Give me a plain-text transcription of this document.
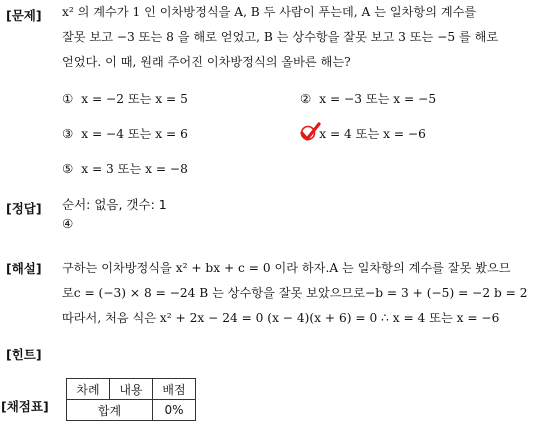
[문제]
[정답]
[해설]
[힌트]
[채점표]
x² 의 계수가 1 인 이차방정식을 A, B 두 사람이 푸는데, A 는 일차항의 계수를
잘못 보고 −3 또는 8 을 해로 얻었고, B 는 상수항을 잘못 보고 3 또는 −5 를 해로
얻었다. 이 때, 원래 주어진 이차방정식의 올바른 해는?
① x = −2 또는 x = 5	② x = −3 또는 x = −5
③ x = −4 또는 x = 6	x = 4 또는 x = −6
⑤ x = 3 또는 x = −8
순서: 없음, 갯수: 1
④
구하는 이차방정식을 x² + bx + c = 0 이라 하자.A 는 일차항의 계수를 잘못 봤으므
로c = (−3) × 8 = −24 B 는 상수항을 잘못 보았으므로−b = 3 + (−5) = −2 b = 2
따라서, 처음 식은 x² + 2x − 24 = 0 (x − 4)(x + 6) = 0 ∴ x = 4 또는 x = −6
차례	내용	배점
합계		0%
